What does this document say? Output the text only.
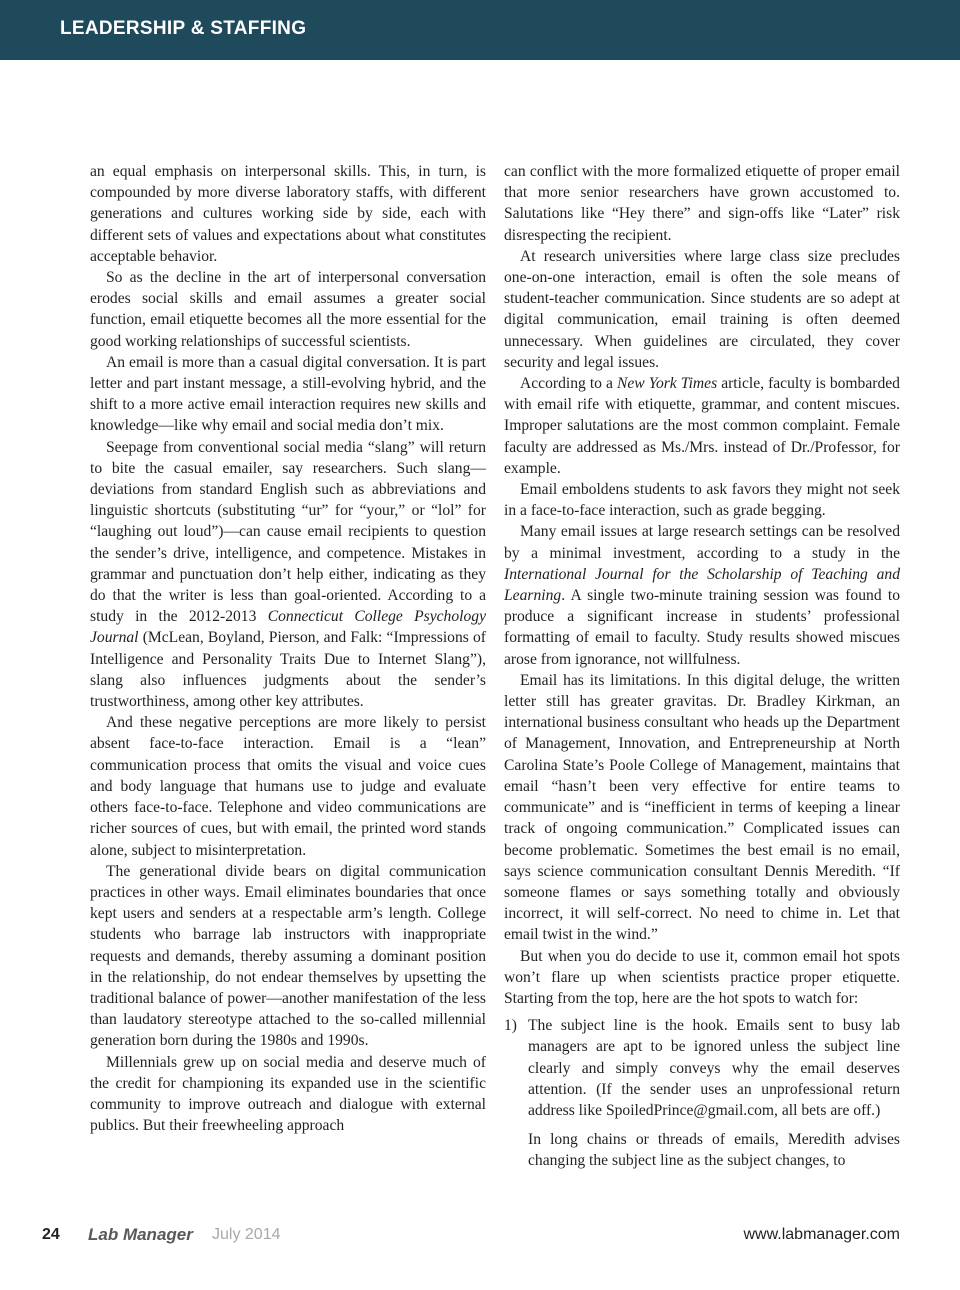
LEADERSHIP & STAFFING

an equal emphasis on interpersonal skills. This, in turn, is compounded by more diverse laboratory staffs, with different generations and cultures working side by side, each with different sets of values and expectations about what constitutes acceptable behavior.

So as the decline in the art of interpersonal conversation erodes social skills and email assumes a greater social function, email etiquette becomes all the more essential for the good working relationships of successful scientists.

An email is more than a casual digital conversation. It is part letter and part instant message, a still-evolving hybrid, and the shift to a more active email interaction requires new skills and knowledge—like why email and social media don’t mix.

Seepage from conventional social media “slang” will return to bite the casual emailer, say researchers. Such slang—deviations from standard English such as abbreviations and linguistic shortcuts (substituting “ur” for “your,” or “lol” for “laughing out loud”)—can cause email recipients to question the sender’s drive, intelligence, and competence. Mistakes in grammar and punctuation don’t help either, indicating as they do that the writer is less than goal-oriented. According to a study in the 2012-2013 Connecticut College Psychology Journal (McLean, Boyland, Pierson, and Falk: “Impressions of Intelligence and Personality Traits Due to Internet Slang”), slang also influences judgments about the sender’s trustworthiness, among other key attributes.

And these negative perceptions are more likely to persist absent face-to-face interaction. Email is a “lean” communication process that omits the visual and voice cues and body language that humans use to judge and evaluate others face-to-face. Telephone and video communications are richer sources of cues, but with email, the printed word stands alone, subject to misinterpretation.

The generational divide bears on digital communication practices in other ways. Email eliminates boundaries that once kept users and senders at a respectable arm’s length. College students who barrage lab instructors with inappropriate requests and demands, thereby assuming a dominant position in the relationship, do not endear themselves by upsetting the traditional balance of power—another manifestation of the less than laudatory stereotype attached to the so-called millennial generation born during the 1980s and 1990s.

Millennials grew up on social media and deserve much of the credit for championing its expanded use in the scientific community to improve outreach and dialogue with external publics. But their freewheeling approach

can conflict with the more formalized etiquette of proper email that more senior researchers have grown accustomed to. Salutations like “Hey there” and sign-offs like “Later” risk disrespecting the recipient.

At research universities where large class size precludes one-on-one interaction, email is often the sole means of student-teacher communication. Since students are so adept at digital communication, email training is often deemed unnecessary. When guidelines are circulated, they cover security and legal issues.

According to a New York Times article, faculty is bombarded with email rife with etiquette, grammar, and content miscues. Improper salutations are the most common complaint. Female faculty are addressed as Ms./Mrs. instead of Dr./Professor, for example.

Email emboldens students to ask favors they might not seek in a face-to-face interaction, such as grade begging.

Many email issues at large research settings can be resolved by a minimal investment, according to a study in the International Journal for the Scholarship of Teaching and Learning. A single two-minute training session was found to produce a significant increase in students’ professional formatting of email to faculty. Study results showed miscues arose from ignorance, not willfulness.

Email has its limitations. In this digital deluge, the written letter still has greater gravitas. Dr. Bradley Kirkman, an international business consultant who heads up the Department of Management, Innovation, and Entrepreneurship at North Carolina State’s Poole College of Management, maintains that email “hasn’t been very effective for entire teams to communicate” and is “inefficient in terms of keeping a linear track of ongoing communication.” Complicated issues can become problematic. Sometimes the best email is no email, says science communication consultant Dennis Meredith. “If someone flames or says something totally and obviously incorrect, it will self-correct. No need to chime in. Let that email twist in the wind.”

But when you do decide to use it, common email hot spots won’t flare up when scientists practice proper etiquette. Starting from the top, here are the hot spots to watch for:

1) The subject line is the hook. Emails sent to busy lab managers are apt to be ignored unless the subject line clearly and simply conveys why the email deserves attention. (If the sender uses an unprofessional return address like SpoiledPrince@gmail.com, all bets are off.)

In long chains or threads of emails, Meredith advises changing the subject line as the subject changes, to

24 Lab Manager July 2014	www.labmanager.com
